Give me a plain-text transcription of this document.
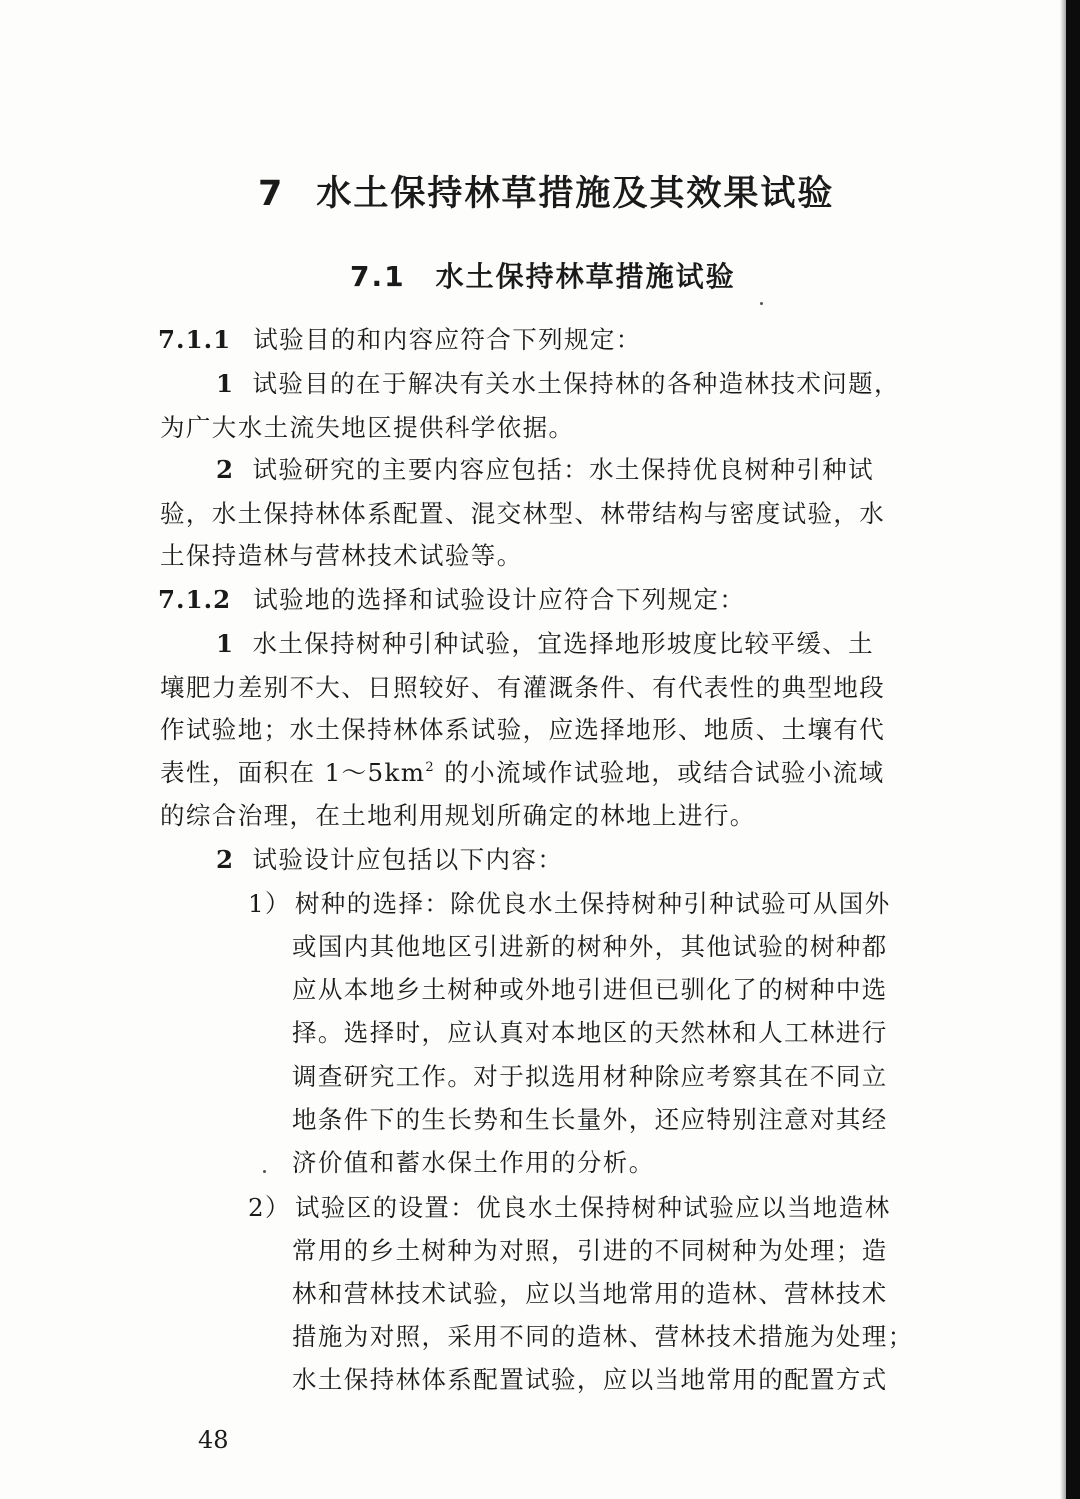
7 水土保持林草措施及其效果试验
7.1 水土保持林草措施试验
7.1.1 试验目的和内容应符合下列规定：
1 试验目的在于解决有关水土保持林的各种造林技术问题，
为广大水土流失地区提供科学依据。
2 试验研究的主要内容应包括：水土保持优良树种引种试
验，水土保持林体系配置、混交林型、林带结构与密度试验，水
土保持造林与营林技术试验等。
7.1.2 试验地的选择和试验设计应符合下列规定：
1 水土保持树种引种试验，宜选择地形坡度比较平缓、土
壤肥力差别不大、日照较好、有灌溉条件、有代表性的典型地段
作试验地；水土保持林体系试验，应选择地形、地质、土壤有代
表性，面积在 $1\sim 5km^2$ 的小流域作试验地，或结合试验小流域
的综合治理，在土地利用规划所确定的林地上进行。
2 试验设计应包括以下内容：
1） 树种的选择：除优良水土保持树种引种试验可从国外
或国内其他地区引进新的树种外，其他试验的树种都
应从本地乡土树种或外地引进但已驯化了的树种中选
择。选择时，应认真对本地区的天然林和人工林进行
调查研究工作。对于拟选用材种除应考察其在不同立
地条件下的生长势和生长量外，还应特别注意对其经
济价值和蓄水保土作用的分析。
2） 试验区的设置：优良水土保持树种试验应以当地造林
常用的乡土树种为对照，引进的不同树种为处理；造
林和营林技术试验，应以当地常用的造林、营林技术
措施为对照，采用不同的造林、营林技术措施为处理；
水土保持林体系配置试验，应以当地常用的配置方式
48
